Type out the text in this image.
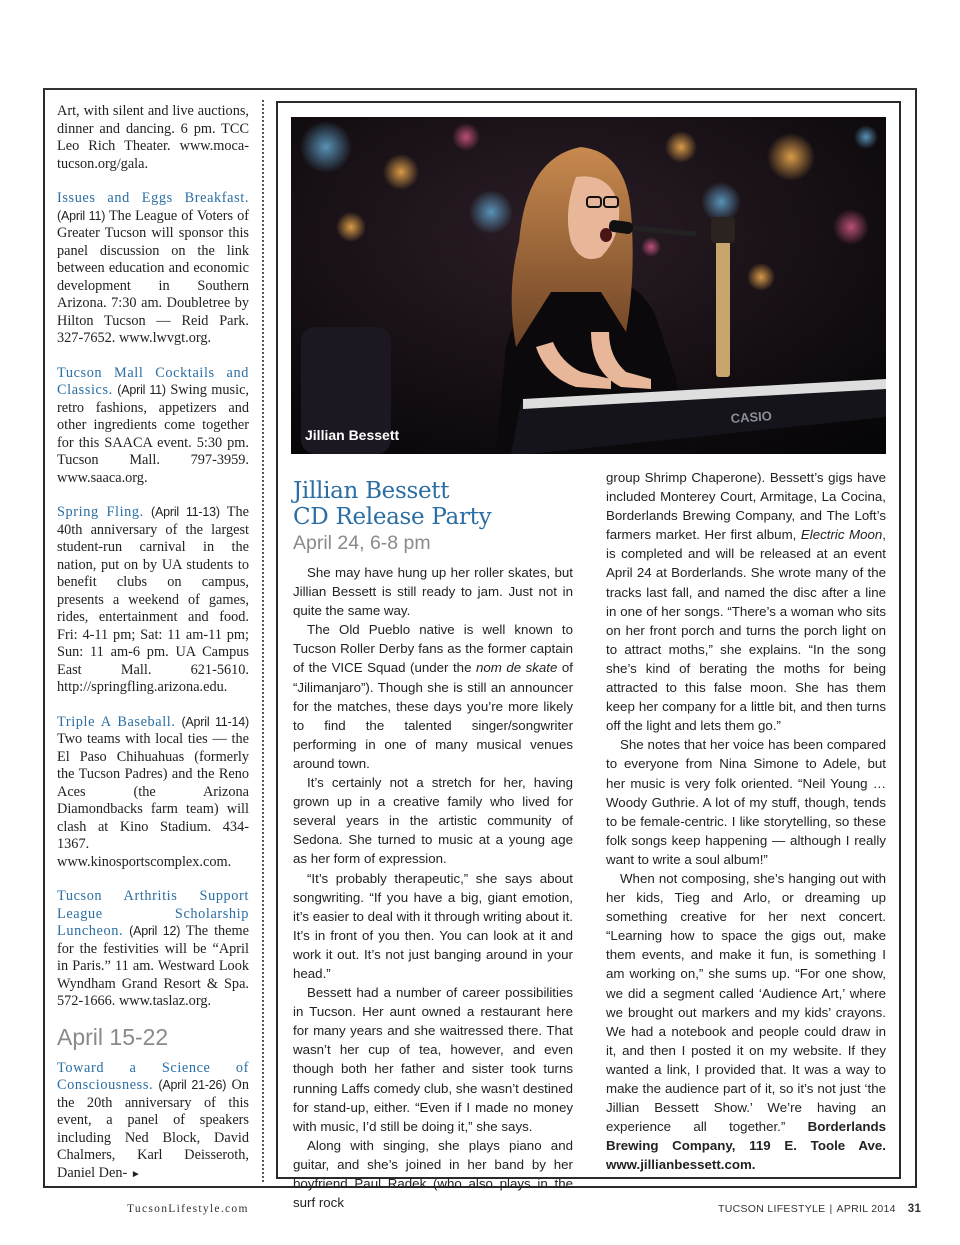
Art, with silent and live auctions, dinner and dancing. 6 pm. TCC Leo Rich Theater. www.moca-tucson.org/gala.

Issues and Eggs Breakfast. (April 11) The League of Voters of Greater Tucson will sponsor this panel discussion on the link between education and economic development in Southern Arizona. 7:30 am. Doubletree by Hilton Tucson — Reid Park. 327-7652. www.lwvgt.org.

Tucson Mall Cocktails and Classics. (April 11) Swing music, retro fashions, appetizers and other ingredients come together for this SAACA event. 5:30 pm. Tucson Mall. 797-3959. www.saaca.org.

Spring Fling. (April 11-13) The 40th anniversary of the largest student-run carnival in the nation, put on by UA students to benefit clubs on campus, presents a weekend of games, rides, entertainment and food. Fri: 4-11 pm; Sat: 11 am-11 pm; Sun: 11 am-6 pm. UA Campus East Mall. 621-5610. http://springfling.arizona.edu.

Triple A Baseball. (April 11-14) Two teams with local ties — the El Paso Chihuahuas (formerly the Tucson Padres) and the Reno Aces (the Arizona Diamondbacks farm team) will clash at Kino Stadium. 434-1367. www.kinosportscomplex.com.

Tucson Arthritis Support League Scholarship Luncheon. (April 12) The theme for the festivities will be “April in Paris.” 11 am. Westward Look Wyndham Grand Resort & Spa. 572-1666. www.taslaz.org.

April 15-22

Toward a Science of Consciousness. (April 21-26) On the 20th anniversary of this event, a panel of speakers including Ned Block, David Chalmers, Karl Deisseroth, Daniel Den- ►

CASIO
Jillian Bessett
Jillian Bessett
CD Release Party
April 24, 6-8 pm

She may have hung up her roller skates, but Jillian Bessett is still ready to jam. Just not in quite the same way.

The Old Pueblo native is well known to Tucson Roller Derby fans as the former captain of the VICE Squad (under the nom de skate of “Jilimanjaro”). Though she is still an announcer for the matches, these days you’re more likely to find the talented singer/songwriter performing in one of many musical venues around town.

It’s certainly not a stretch for her, having grown up in a creative family who lived for several years in the artistic community of Sedona. She turned to music at a young age as her form of expression.

“It’s probably therapeutic,” she says about songwriting. “If you have a big, giant emotion, it’s easier to deal with it through writing about it. It’s in front of you then. You can look at it and work it out. It’s not just banging around in your head.”

Bessett had a number of career possibilities in Tucson. Her aunt owned a restaurant here for many years and she waitressed there. That wasn’t her cup of tea, however, and even though both her father and sister took turns running Laffs comedy club, she wasn’t destined for stand-up, either. “Even if I made no money with music, I’d still be doing it,” she says.

Along with singing, she plays piano and guitar, and she’s joined in her band by her boyfriend Paul Radek (who also plays in the surf rock

group Shrimp Chaperone). Bessett’s gigs have included Monterey Court, Armitage, La Cocina, Borderlands Brewing Company, and The Loft’s farmers market. Her first album, Electric Moon, is completed and will be released at an event April 24 at Borderlands. She wrote many of the tracks last fall, and named the disc after a line in one of her songs. “There’s a woman who sits on her front porch and turns the porch light on to attract moths,” she explains. “In the song she’s kind of berating the moths for being attracted to this false moon. She has them keep her company for a little bit, and then turns off the light and lets them go.”

She notes that her voice has been compared to everyone from Nina Simone to Adele, but her music is very folk oriented. “Neil Young … Woody Guthrie. A lot of my stuff, though, tends to be female-centric. I like storytelling, so these folk songs keep happening — although I really want to write a soul album!”

When not composing, she’s hanging out with her kids, Tieg and Arlo, or dreaming up something creative for her next concert. “Learning how to space the gigs out, make them events, and make it fun, is something I am working on,” she sums up. “For one show, we did a segment called ‘Audience Art,’ where we brought out markers and my kids’ crayons. We had a notebook and people could draw in it, and then I posted it on my website. If they wanted a link, I provided that. It was a way to make the audience part of it, so it’s not just ‘the Jillian Bessett Show.’ We’re having an experience all together.” Borderlands Brewing Company, 119 E. Toole Ave. www.jillianbessett.com.

TucsonLifestyle.com	TUCSON LIFESTYLE | APRIL 2014 31
